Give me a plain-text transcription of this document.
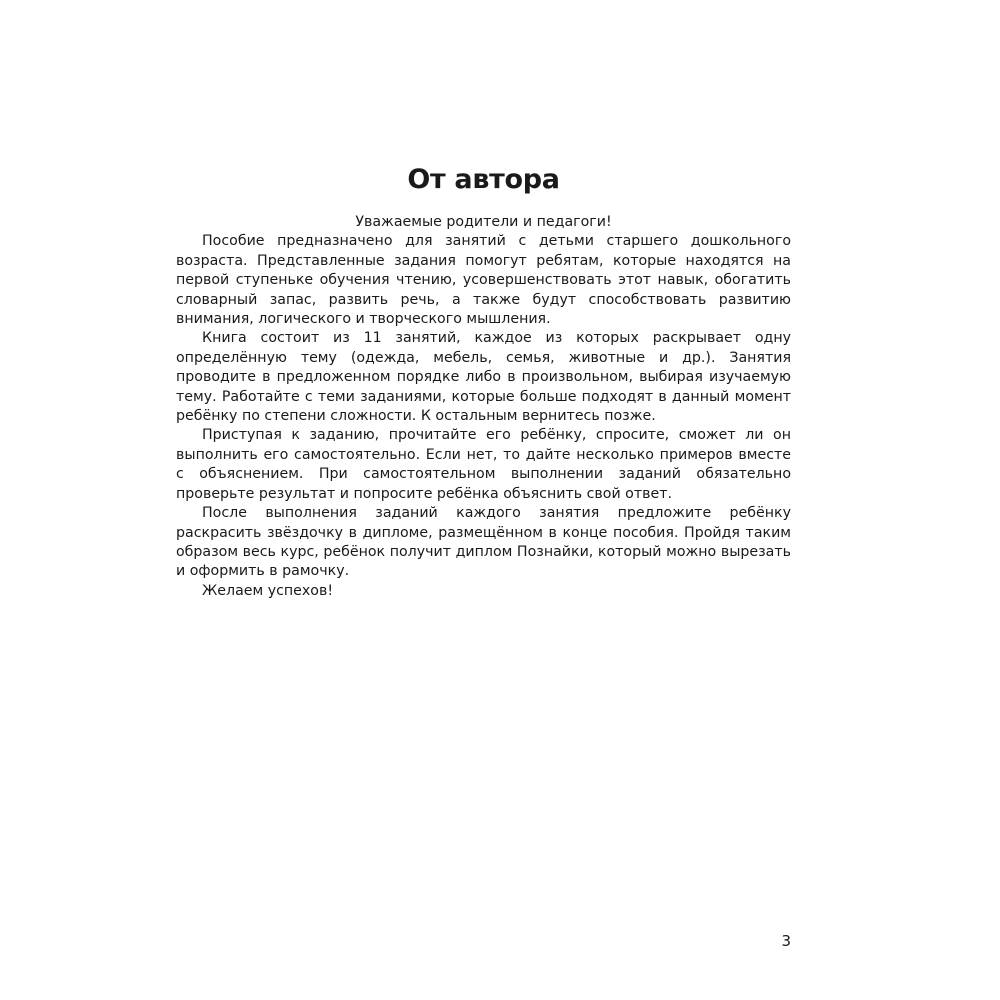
От автора

Уважаемые родители и педагоги!

Пособие предназначено для занятий с детьми старшего дошкольного возраста. Представленные задания помогут ребятам, которые находятся на первой ступеньке обучения чтению, усовершенствовать этот навык, обогатить словарный запас, развить речь, а также будут способствовать развитию внимания, логического и творческого мышления.

Книга состоит из 11 занятий, каждое из которых раскрывает одну определённую тему (одежда, мебель, семья, животные и др.). Занятия проводите в предложенном порядке либо в произвольном, выбирая изучаемую тему. Работайте с теми заданиями, которые больше подходят в данный момент ребёнку по степени сложности. К остальным вернитесь позже.

Приступая к заданию, прочитайте его ребёнку, спросите, сможет ли он выполнить его самостоятельно. Если нет, то дайте несколько примеров вместе с объяснением. При самостоятельном выполнении заданий обязательно проверьте результат и попросите ребёнка объяснить свой ответ.

После выполнения заданий каждого занятия предложите ребёнку раскрасить звёздочку в дипломе, размещённом в конце пособия. Пройдя таким образом весь курс, ребёнок получит диплом Познайки, который можно вырезать и оформить в рамочку.

Желаем успехов!

3
